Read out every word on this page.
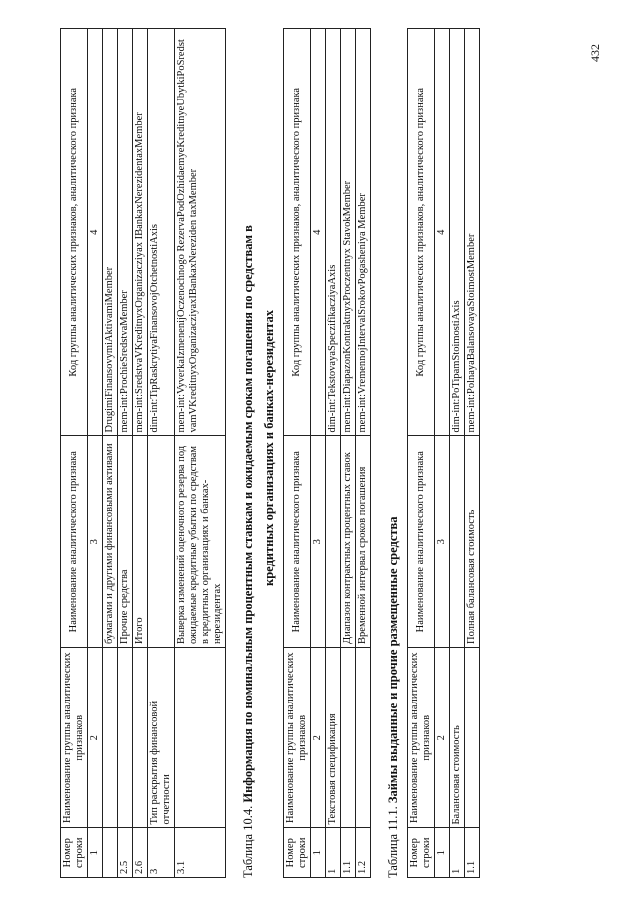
432
Номер строки	Наименование группы аналитических признаков	Наименование аналитического признака	Код группы аналитических признаков, аналитического признака
1	2	3	4
		бумагами и другими финансовыми активами	DrugimiFinansovymiAktivamiMember
2.5		Прочие средства	mem-int:ProchieSredstvaMember
2.6		Итого	mem-int:SredstvaVKreditnyxOrganizacziyax IBankaxNerezidentaxMember
3	Тип раскрытия финансовой отчетности		dim-int:TipRaskrytiyaFinansovojOtchetnostiAxis
3.1		Выверка изменений оценочного резерва под ожидаемые кредитные убытки по средствам в кредитных организациях и банках-нерезидентах	mem-int:VyverkaIzmenenijOczenochnogo RezervaPodOzhidaemyeKreditnyeUbytkiPoSredst vamVKreditnyxOrganizacziyaxIBankaxNereziden taxMember
Таблица 10.4. Информация по номинальным процентным ставкам и ожидаемым срокам погашения по средствам в кредитных организациях и банках-нерезидентах
Номер строки	Наименование группы аналитических признаков	Наименование аналитического признака	Код группы аналитических признаков, аналитического признака
1	2	3	4
1	Текстовая спецификация		dim-int:TekstovayaSpeczifikacziyaAxis
1.1		Диапазон контрактных процентных ставок	mem-int:DiapazonKontraktnyxProczentnyx StavokMember
1.2		Временной интервал сроков погашения	mem-int:VremennojIntervalSrokovPogasheniya Member
Таблица 11.1. Займы выданные и прочие размещенные средства
Номер строки	Наименование группы аналитических признаков	Наименование аналитического признака	Код группы аналитических признаков, аналитического признака
1	2	3	4
1	Балансовая стоимость		dim-int:PoTipamStoimostiAxis
1.1		Полная балансовая стоимость	mem-int:PolnayaBalansovayaStoimostMember
